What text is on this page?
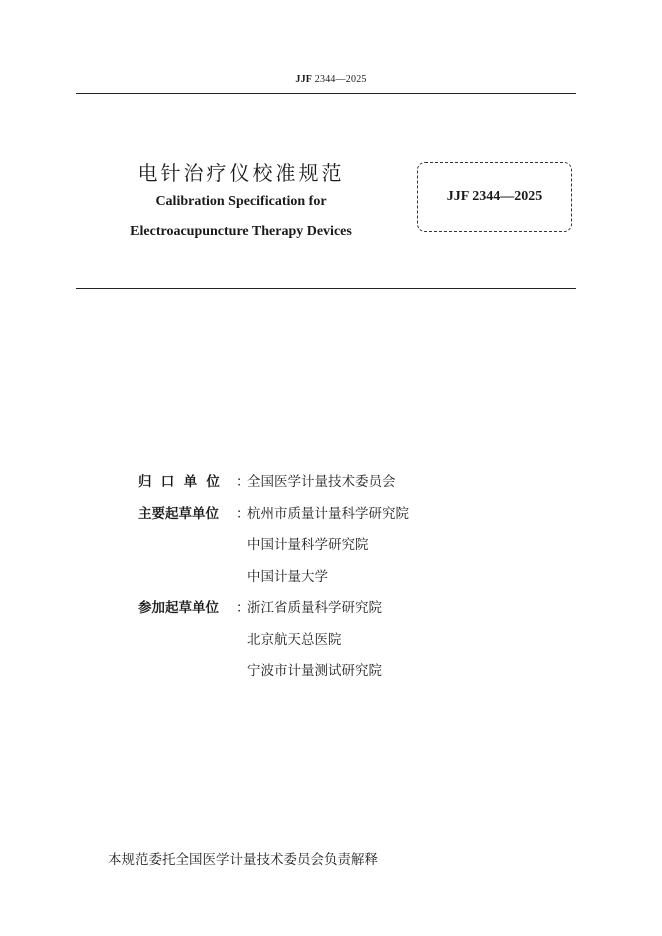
JJF 2344—2025
电针治疗仪校准规范
Calibration Specification for
Electroacupuncture Therapy Devices
JJF 2344—2025
归口单位 ：
全国医学计量技术委员会
主要起草单位	：
杭州市质量计量科学研究院
中国计量科学研究院
中国计量大学
参加起草单位	：
浙江省质量科学研究院
北京航天总医院
宁波市计量测试研究院
本规范委托全国医学计量技术委员会负责解释
